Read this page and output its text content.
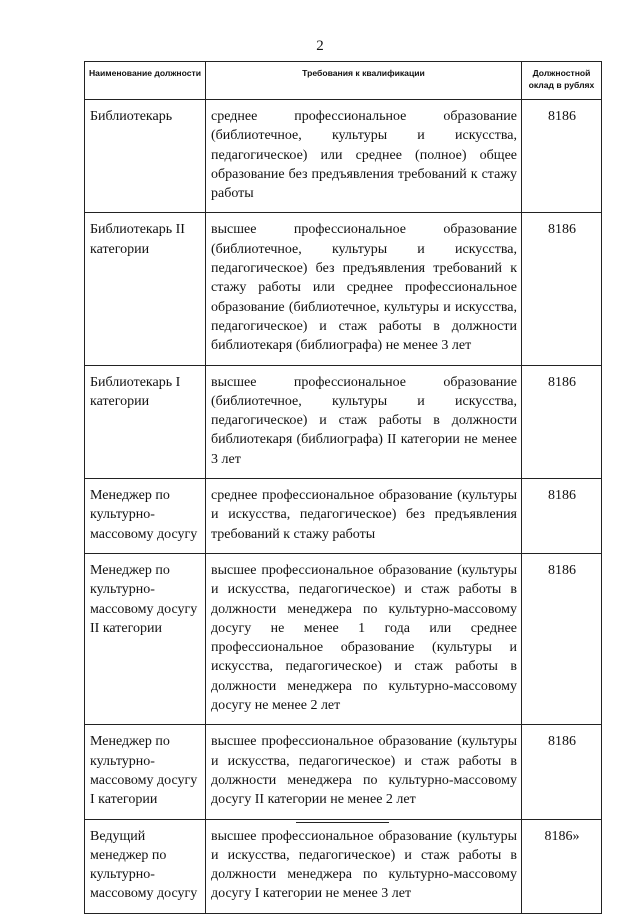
2
Наименование должности	Требования к квалификации	Должностной оклад в рублях
Библиотекарь	среднее профессиональное образование (библиотечное, культуры и искусства, педагогическое) или среднее (полное) общее образование без предъявления требований к стажу работы	8186
Библиотекарь II категории	высшее профессиональное образование (библиотечное, культуры и искусства, педагогическое) без предъявления требований к стажу работы или среднее профессиональное образование (библиотечное, культуры и искусства, педагогическое) и стаж работы в должности библиотекаря (библиографа) не менее 3 лет	8186
Библиотекарь I категории	высшее профессиональное образование (библиотечное, культуры и искусства, педагогическое) и стаж работы в должности библиотекаря (библиографа) II категории не менее 3 лет	8186
Менеджер по культурно-массовому досугу	среднее профессиональное образование (культуры и искусства, педагогическое) без предъявления требований к стажу работы	8186
Менеджер по культурно-массовому досугу II категории	высшее профессиональное образование (культуры и искусства, педагогическое) и стаж работы в должности менеджера по культурно-массовому досугу не менее 1 года или среднее профессиональное образование (культуры и искусства, педагогическое) и стаж работы в должности менеджера по культурно-массовому досугу не менее 2 лет	8186
Менеджер по культурно-массовому досугу I категории	высшее профессиональное образование (культуры и искусства, педагогическое) и стаж работы в должности менеджера по культурно-массовому досугу II категории не менее 2 лет	8186
Ведущий менеджер по культурно-массовому досугу	высшее профессиональное образование (культуры и искусства, педагогическое) и стаж работы в должности менеджера по культурно-массовому досугу I категории не менее 3 лет	8186»
